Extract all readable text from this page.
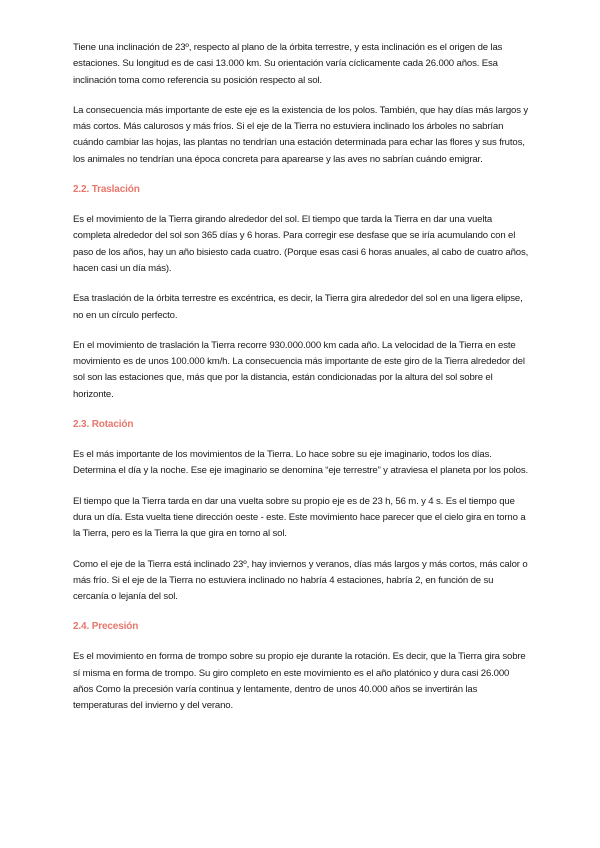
Tiene una inclinación de 23º, respecto al plano de la órbita terrestre, y esta inclinación es el origen de las estaciones. Su longitud es de casi 13.000 km. Su orientación varía cíclicamente cada 26.000 años. Esa inclinación toma como referencia su posición respecto al sol.

La consecuencia más importante de este eje es la existencia de los polos. También, que hay días más largos y más cortos. Más calurosos y más fríos. Si el eje de la Tierra no estuviera inclinado los árboles no sabrían cuándo cambiar las hojas, las plantas no tendrían una estación determinada para echar las flores y sus frutos, los animales no tendrían una época concreta para aparearse y las aves no sabrían cuándo emigrar.

2.2. Traslación

Es el movimiento de la Tierra girando alrededor del sol. El tiempo que tarda la Tierra en dar una vuelta completa alrededor del sol son 365 días y 6 horas. Para corregir ese desfase que se iría acumulando con el paso de los años, hay un año bisiesto cada cuatro. (Porque esas casi 6 horas anuales, al cabo de cuatro años, hacen casi un día más).

Esa traslación de la órbita terrestre es excéntrica, es decir, la Tierra gira alrededor del sol en una ligera elipse, no en un círculo perfecto.

En el movimiento de traslación la Tierra recorre 930.000.000 km cada año. La velocidad de la Tierra en este movimiento es de unos 100.000 km/h. La consecuencia más importante de este giro de la Tierra alrededor del sol son las estaciones que, más que por la distancia, están condicionadas por la altura del sol sobre el horizonte.

2.3. Rotación

Es el más importante de los movimientos de la Tierra. Lo hace sobre su eje imaginario, todos los días. Determina el día y la noche. Ese eje imaginario se denomina “eje terrestre” y atraviesa el planeta por los polos.

El tiempo que la Tierra tarda en dar una vuelta sobre su propio eje es de 23 h, 56 m. y 4 s. Es el tiempo que dura un día. Esta vuelta tiene dirección oeste - este. Este movimiento hace parecer que el cielo gira en torno a la Tierra, pero es la Tierra la que gira en torno al sol.

Como el eje de la Tierra está inclinado 23º, hay inviernos y veranos, días más largos y más cortos, más calor o más frío. Si el eje de la Tierra no estuviera inclinado no habría 4 estaciones, habría 2, en función de su cercanía o lejanía del sol.

2.4. Precesión

Es el movimiento en forma de trompo sobre su propio eje durante la rotación. Es decir, que la Tierra gira sobre sí misma en forma de trompo. Su giro completo en este movimiento es el año platónico y dura casi 26.000 años Como la precesión varía continua y lentamente, dentro de unos 40.000 años se invertirán las temperaturas del invierno y del verano.
